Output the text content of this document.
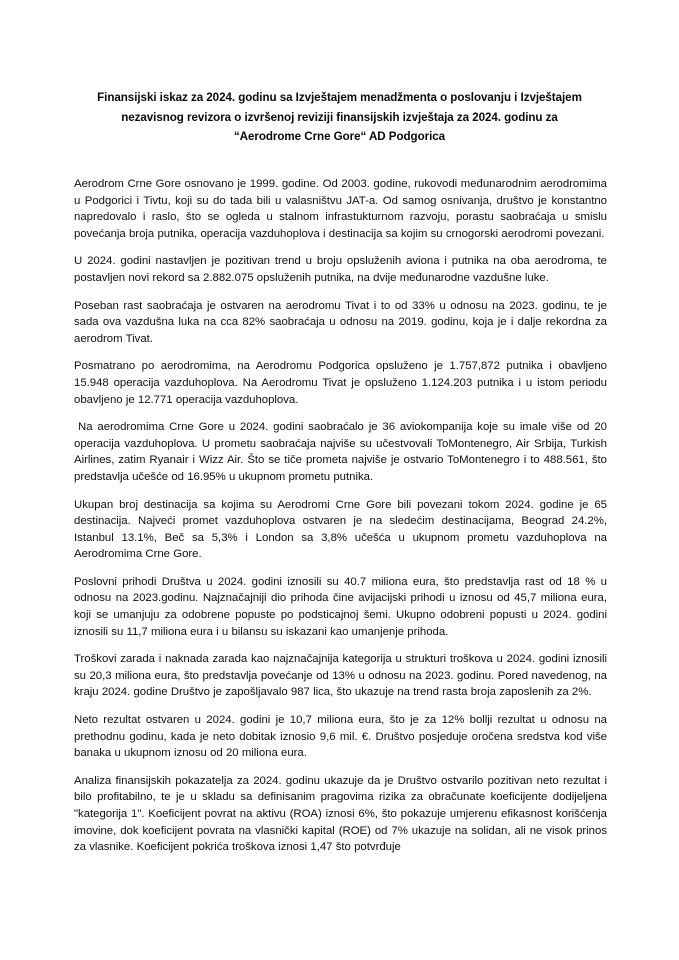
Finansijski iskaz za 2024. godinu sa Izvještajem menadžmenta o poslovanju i Izvještajem
nezavisnog revizora o izvršenoj reviziji finansijskih izvještaja za 2024. godinu za
“Aerodrome Crne Gore“ AD Podgorica

Aerodrom Crne Gore osnovano je 1999. godine. Od 2003. godine, rukovodi međunarodnim aerodromima u Podgorici i Tivtu, koji su do tada bili u valasništvu JAT-a. Od samog osnivanja, društvo je konstantno napredovalo i raslo, što se ogleda u stalnom infrastukturnom razvoju, porastu saobraćaja u smislu povećanja broja putnika, operacija vazduhoplova i destinacija sa kojim su crnogorski aerodromi povezani.

U 2024. godini nastavljen je pozitivan trend u broju opsluženih aviona i putnika na oba aerodroma, te postavljen novi rekord sa 2.882.075 opsluženih putnika, na dvije međunarodne vazdušne luke.

Poseban rast saobraćaja je ostvaren na aerodromu Tivat i to od 33% u odnosu na 2023. godinu, te je sada ova vazdušna luka na cca 82% saobraćaja u odnosu na 2019. godinu, koja je i dalje rekordna za aerodrom Tivat.

Posmatrano po aerodromima, na Aerodromu Podgorica opsluženo je 1.757,872 putnika i obavljeno 15.948 operacija vazduhoplova. Na Aerodromu Tivat je opsluženo 1.124.203 putnika i u istom periodu obavljeno je 12.771 operacija vazduhoplova.

Na aerodromima Crne Gore u 2024. godini saobraćalo je 36 aviokompanija koje su imale više od 20 operacija vazduhoplova. U prometu saobraćaja najviše su učestvovali ToMontenegro, Air Srbija, Turkish Airlines, zatim Ryanair i Wizz Air. Što se tiče prometa najviše je ostvario ToMontenegro i to 488.561, što predstavlja učešće od 16.95% u ukupnom prometu putnika.

Ukupan broj destinacija sa kojima su Aerodromi Crne Gore bili povezani tokom 2024. godine je 65 destinacija. Najveći promet vazduhoplova ostvaren je na sledećim destinacijama, Beograd 24.2%, Istanbul 13.1%, Beč sa 5,3% i London sa 3,8% učešća u ukupnom prometu vazduhoplova na Aerodromima Crne Gore.

Poslovni prihodi Društva u 2024. godini iznosili su 40.7 miliona eura, što predstavlja rast od 18 % u odnosu na 2023.godinu. Najznačajniji dio prihoda čine avijacijski prihodi u iznosu od 45,7 miliona eura, koji se umanjuju za odobrene popuste po podsticajnoj šemi. Ukupno odobreni popusti u 2024. godini iznosili su 11,7 miliona eura i u bilansu su iskazani kao umanjenje prihoda.

Troškovi zarada i naknada zarada kao najznačajnija kategorija u strukturi troškova u 2024. godini iznosili su 20,3 miliona eura, što predstavlja povećanje od 13% u odnosu na 2023. godinu. Pored navedenog, na kraju 2024. godine Društvo je zapošljavalo 987 lica, što ukazuje na trend rasta broja zaposlenih za 2%.

Neto rezultat ostvaren u 2024. godini je 10,7 miliona eura, što je za 12% bollji rezultat u odnosu na prethodnu godinu, kada je neto dobitak iznosio 9,6 mil. €. Društvo posjeduje oročena sredstva kod više banaka u ukupnom iznosu od 20 miliona eura.

Analiza finansijskih pokazatelja za 2024. godinu ukazuje da je Društvo ostvarilo pozitivan neto rezultat i bilo profitabilno, te je u skladu sa definisanim pragovima rizika za obračunate koeficijente dodijeljena "kategorija 1". Koeficijent povrat na aktivu (ROA) iznosi 6%, što pokazuje umjerenu efikasnost korišćenja imovine, dok koeficijent povrata na vlasnički kapital (ROE) od 7% ukazuje na solidan, ali ne visok prinos za vlasnike. Koeficijent pokrića troškova iznosi 1,47 što potvrđuje
